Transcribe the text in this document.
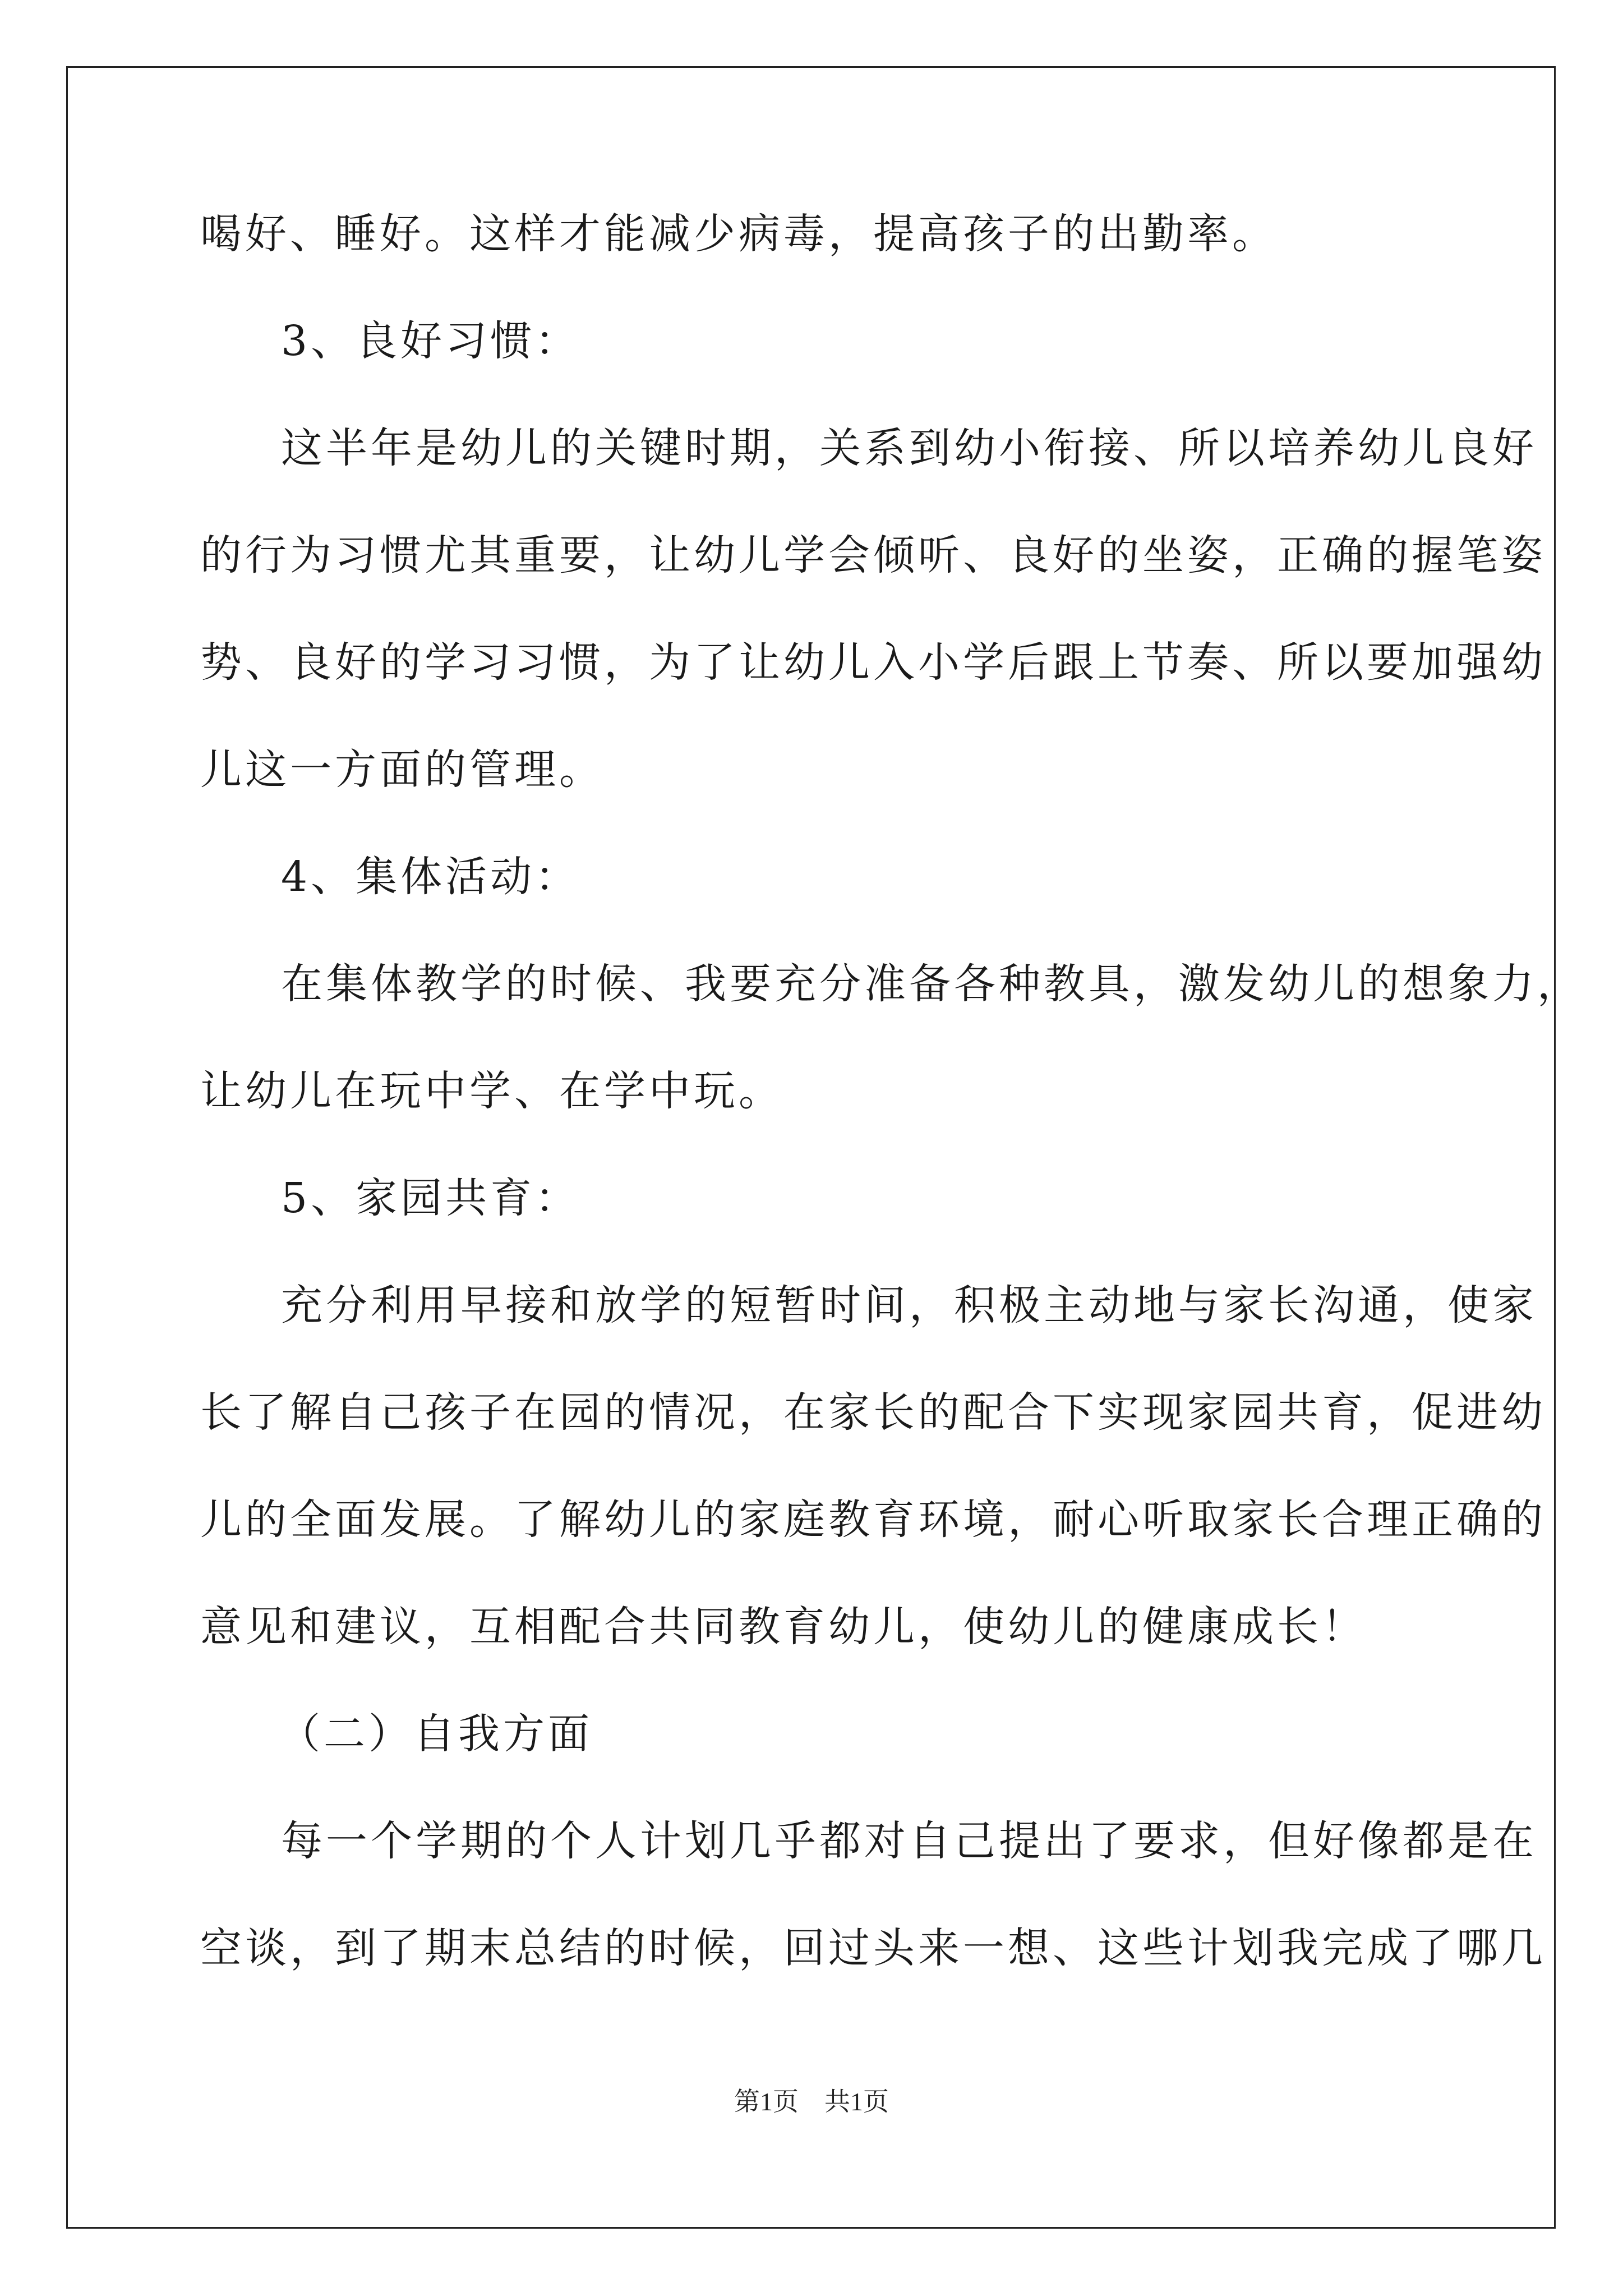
喝好、睡好。这样才能减少病毒，提高孩子的出勤率。
3、良好习惯：
这半年是幼儿的关键时期，关系到幼小衔接、所以培养幼儿良好
的行为习惯尤其重要，让幼儿学会倾听、良好的坐姿，正确的握笔姿
势、良好的学习习惯，为了让幼儿入小学后跟上节奏、所以要加强幼
儿这一方面的管理。
4、集体活动：
在集体教学的时候、我要充分准备各种教具，激发幼儿的想象力，
让幼儿在玩中学、在学中玩。
5、家园共育：
充分利用早接和放学的短暂时间，积极主动地与家长沟通，使家
长了解自己孩子在园的情况，在家长的配合下实现家园共育，促进幼
儿的全面发展。了解幼儿的家庭教育环境，耐心听取家长合理正确的
意见和建议，互相配合共同教育幼儿，使幼儿的健康成长！
（二）自我方面
每一个学期的个人计划几乎都对自己提出了要求，但好像都是在
空谈，到了期末总结的时候，回过头来一想、这些计划我完成了哪几
第1页　共1页
